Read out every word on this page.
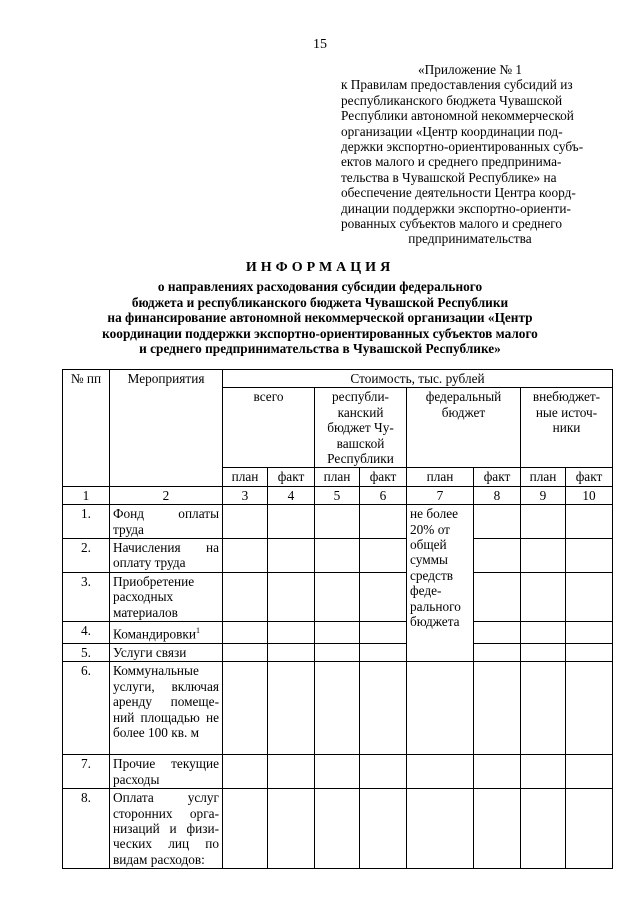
15
«Приложение № 1
к Правилам предоставления субсидий из
республиканского бюджета Чувашской
Республики автономной некоммерческой
организации «Центр координации под-
держки экспортно-ориентированных субъ-
ектов малого и среднего предпринима-
тельства в Чувашской Республике» на
обеспечение деятельности Центра коорд-
динации поддержки экспортно-ориенти-
рованных субъектов малого и среднего
предпринимательства
ИНФОРМАЦИЯ
о направлениях расходования субсидии федерального
бюджета и республиканского бюджета Чувашской Республики
на финансирование автономной некоммерческой организации «Центр
координации поддержки экспортно-ориентированных субъектов малого
и среднего предпринимательства в Чувашской Республике»
№ пп	Мероприятия	Стоимость, тыс. рублей							
		всего		республи-канский бюджет Чу-вашской Республики		федеральный бюджет		внебюджет-ные источ-ники	
		план	факт	план	факт	план	факт	план	факт
1	2	3	4	5	6	7	8	9	10
1.	Фонд оплаты труда					не более 20% от общей суммы средств феде-рального бюджета			
2.	Начисления на оплату труда								
3.	Приобретение расходных материалов								
4.	Командировки$^1$							
5.	Услуги связи								
6.	Коммунальные услуги, включая аренду помеще-ний площадью не более 100 кв. м								
7.	Прочие текущие расходы								
8.	Оплата услуг сторонних орга-низаций и физи-ческих лиц по видам расходов:								
